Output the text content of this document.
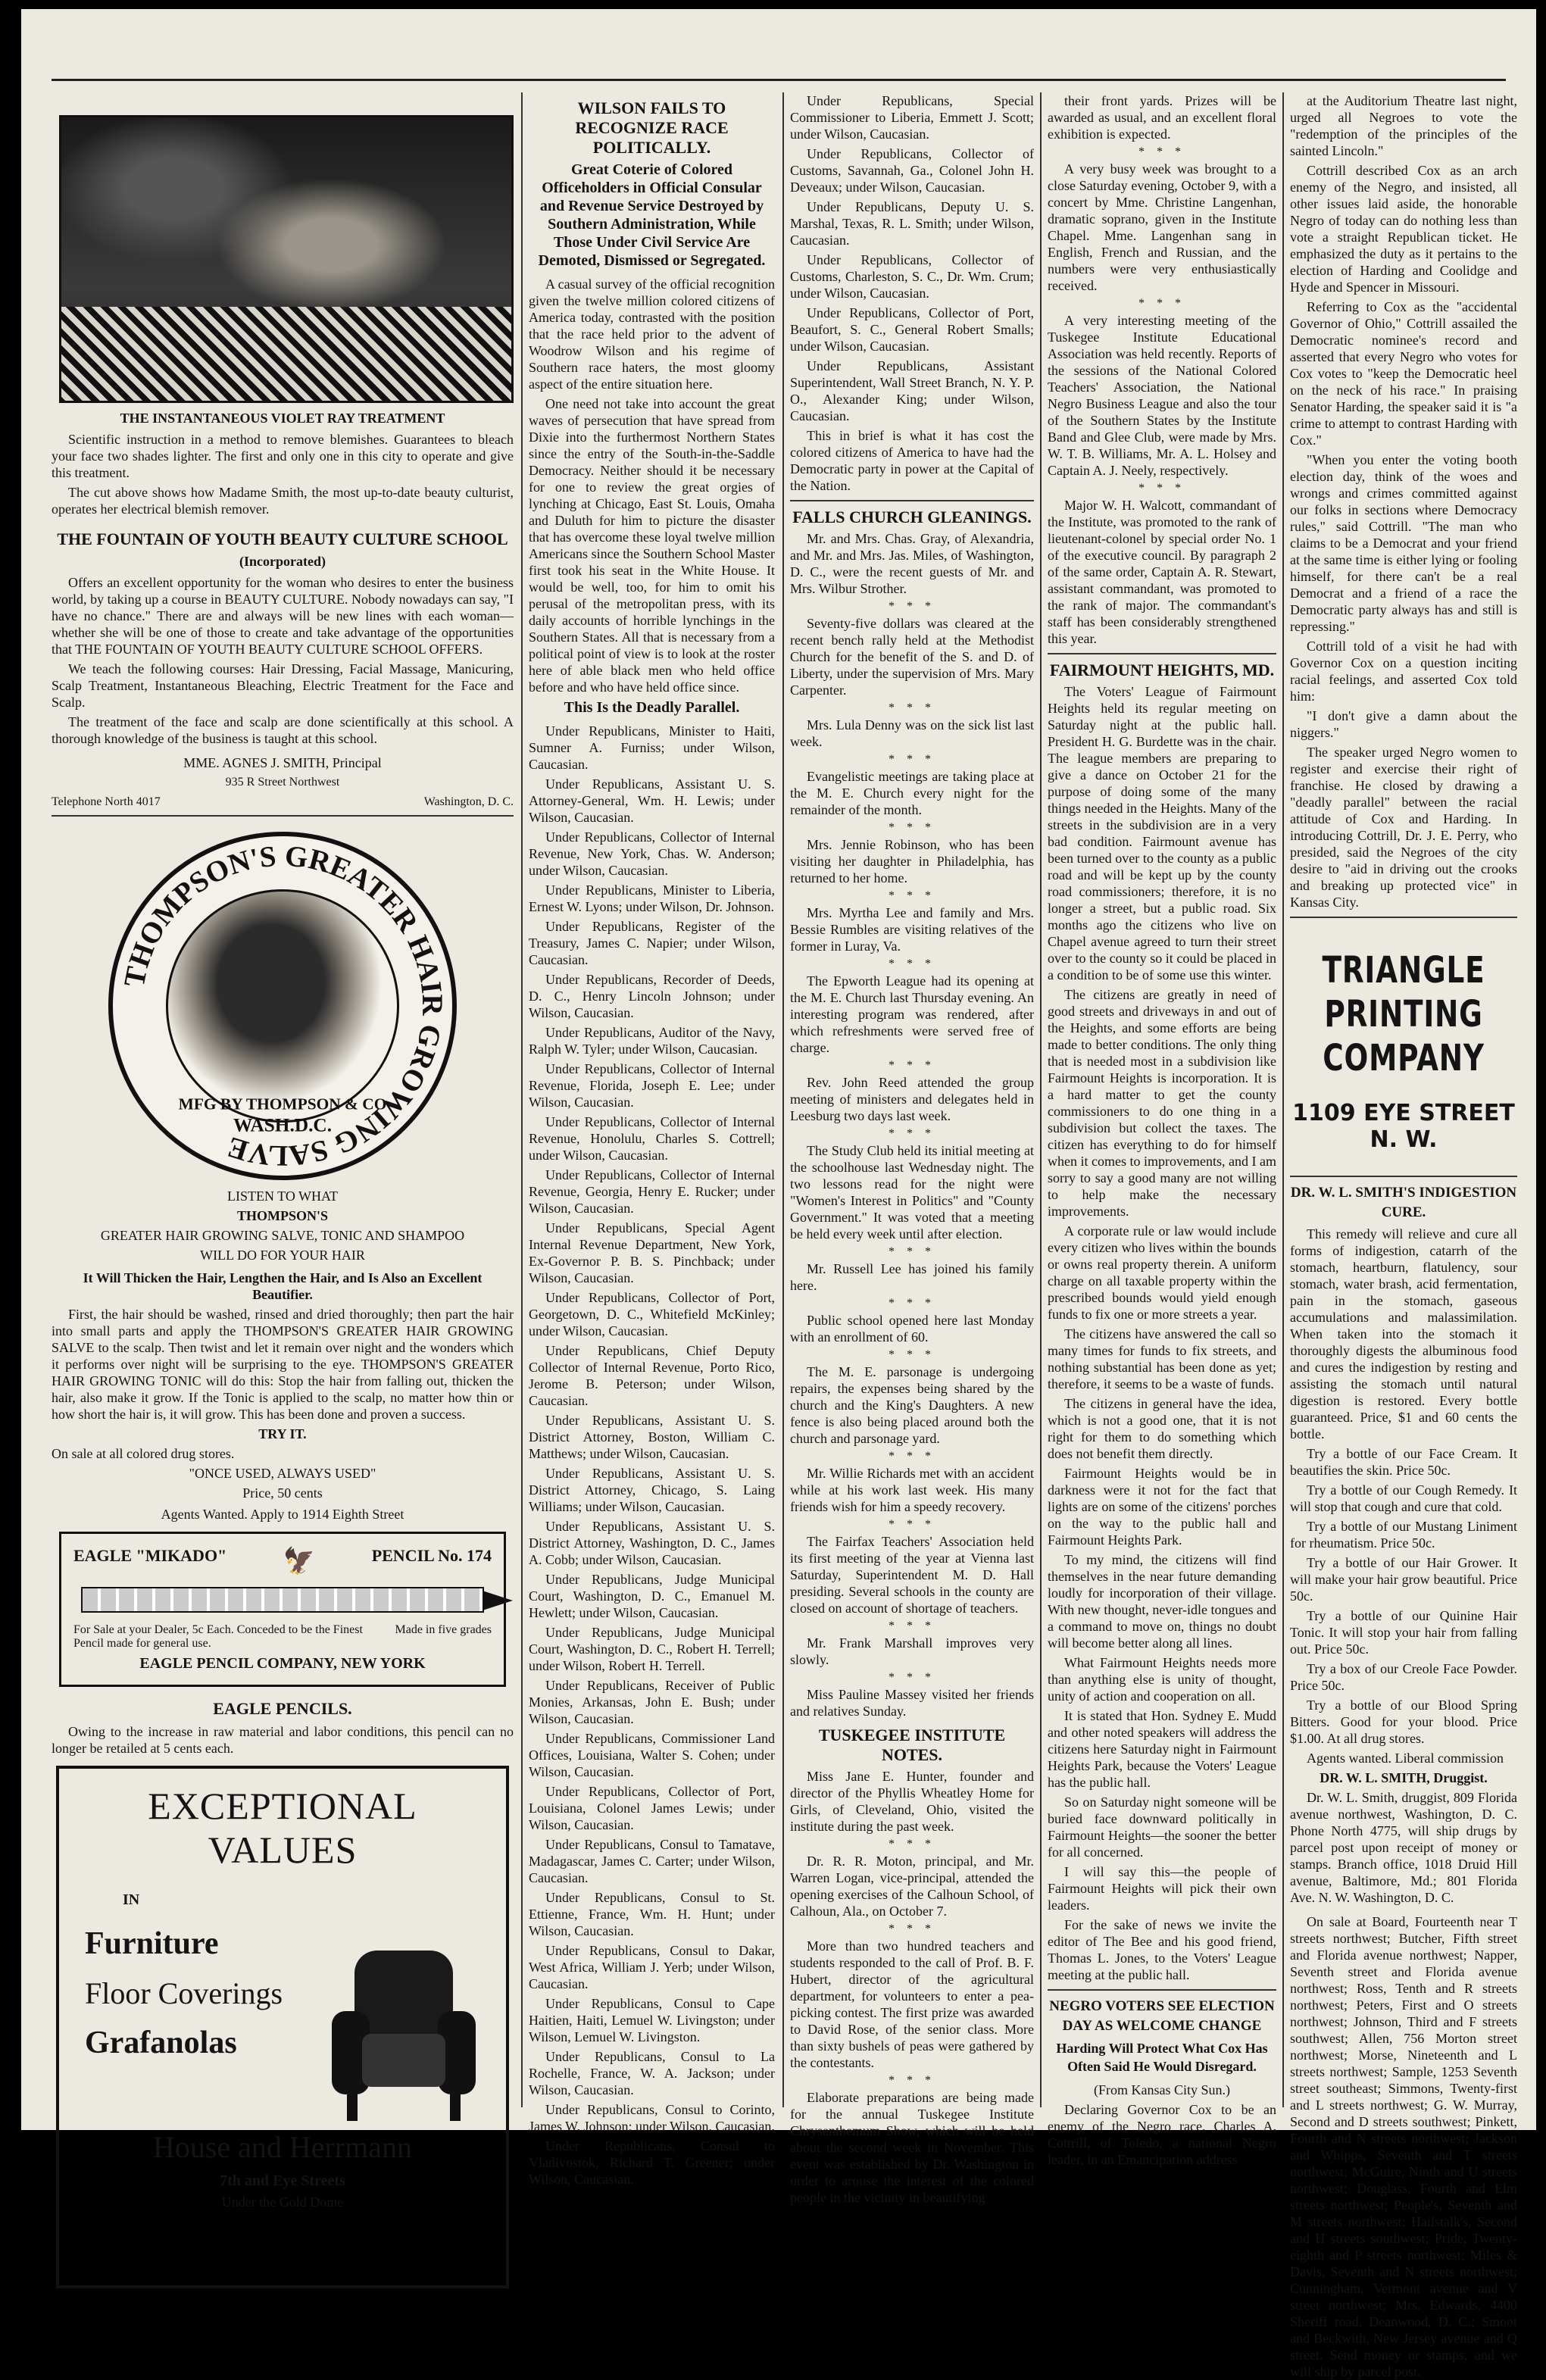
THE INSTANTANEOUS VIOLET RAY TREATMENT

Scientific instruction in a method to remove blemishes. Guarantees to bleach your face two shades lighter. The first and only one in this city to operate and give this treatment.

The cut above shows how Madame Smith, the most up-to-date beauty culturist, operates her electrical blemish remover.

THE FOUNTAIN OF YOUTH BEAUTY CULTURE SCHOOL
(Incorporated)

Offers an excellent opportunity for the woman who desires to enter the business world, by taking up a course in BEAUTY CULTURE. Nobody nowadays can say, "I have no chance." There are and always will be new lines with each woman—whether she will be one of those to create and take advantage of the opportunities that THE FOUNTAIN OF YOUTH BEAUTY CULTURE SCHOOL OFFERS.

We teach the following courses: Hair Dressing, Facial Massage, Manicuring, Scalp Treatment, Instantaneous Bleaching, Electric Treatment for the Face and Scalp.

The treatment of the face and scalp are done scientifically at this school. A thorough knowledge of the business is taught at this school.

MME. AGNES J. SMITH, Principal

935 R Street Northwest

Telephone North 4017	Washington, D. C.
THOMPSON'S GREATER HAIR GROWING SALVE
MFG BY THOMPSON & CO
WASH.D.C.

LISTEN TO WHAT

THOMPSON'S

GREATER HAIR GROWING SALVE, TONIC AND SHAMPOO

WILL DO FOR YOUR HAIR

It Will Thicken the Hair, Lengthen the Hair, and Is Also an Excellent Beautifier.

First, the hair should be washed, rinsed and dried thoroughly; then part the hair into small parts and apply the THOMPSON'S GREATER HAIR GROWING SALVE to the scalp. Then twist and let it remain over night and the wonders which it performs over night will be surprising to the eye. THOMPSON'S GREATER HAIR GROWING TONIC will do this: Stop the hair from falling out, thicken the hair, also make it grow. If the Tonic is applied to the scalp, no matter how thin or how short the hair is, it will grow. This has been done and proven a success.

TRY IT.

On sale at all colored drug stores.

"ONCE USED, ALWAYS USED"

Price, 50 cents

Agents Wanted. Apply to 1914 Eighth Street

EAGLE "MIKADO" 🦅	PENCIL No. 174
For Sale at your Dealer, 5c Each. Conceded to be the Finest Pencil made for general use.
Made in five grades
EAGLE PENCIL COMPANY, NEW YORK
EAGLE PENCILS.

Owing to the increase in raw material and labor conditions, this pencil can no longer be retailed at 5 cents each.

EXCEPTIONAL VALUES
IN
Furniture
Floor Coverings
Grafanolas
House and Herrmann
7th and Eye Streets
Under the Gold Dome
WILSON FAILS TO RECOGNIZE RACE POLITICALLY.
Great Coterie of Colored Officeholders in Official Consular and Revenue Service Destroyed by Southern Administration, While Those Under Civil Service Are Demoted, Dismissed or Segregated.

A casual survey of the official recognition given the twelve million colored citizens of America today, contrasted with the position that the race held prior to the advent of Woodrow Wilson and his regime of Southern race haters, the most gloomy aspect of the entire situation here.

One need not take into account the great waves of persecution that have spread from Dixie into the furthermost Northern States since the entry of the South-in-the-Saddle Democracy. Neither should it be necessary for one to review the great orgies of lynching at Chicago, East St. Louis, Omaha and Duluth for him to picture the disaster that has overcome these loyal twelve million Americans since the Southern School Master first took his seat in the White House. It would be well, too, for him to omit his perusal of the metropolitan press, with its daily accounts of horrible lynchings in the Southern States. All that is necessary from a political point of view is to look at the roster here of able black men who held office before and who have held office since.

This Is the Deadly Parallel.

Under Republicans, Minister to Haiti, Sumner A. Furniss; under Wilson, Caucasian.

Under Republicans, Assistant U. S. Attorney-General, Wm. H. Lewis; under Wilson, Caucasian.

Under Republicans, Collector of Internal Revenue, New York, Chas. W. Anderson; under Wilson, Caucasian.

Under Republicans, Minister to Liberia, Ernest W. Lyons; under Wilson, Dr. Johnson.

Under Republicans, Register of the Treasury, James C. Napier; under Wilson, Caucasian.

Under Republicans, Recorder of Deeds, D. C., Henry Lincoln Johnson; under Wilson, Caucasian.

Under Republicans, Auditor of the Navy, Ralph W. Tyler; under Wilson, Caucasian.

Under Republicans, Collector of Internal Revenue, Florida, Joseph E. Lee; under Wilson, Caucasian.

Under Republicans, Collector of Internal Revenue, Honolulu, Charles S. Cottrell; under Wilson, Caucasian.

Under Republicans, Collector of Internal Revenue, Georgia, Henry E. Rucker; under Wilson, Caucasian.

Under Republicans, Special Agent Internal Revenue Department, New York, Ex-Governor P. B. S. Pinchback; under Wilson, Caucasian.

Under Republicans, Collector of Port, Georgetown, D. C., Whitefield McKinley; under Wilson, Caucasian.

Under Republicans, Chief Deputy Collector of Internal Revenue, Porto Rico, Jerome B. Peterson; under Wilson, Caucasian.

Under Republicans, Assistant U. S. District Attorney, Boston, William C. Matthews; under Wilson, Caucasian.

Under Republicans, Assistant U. S. District Attorney, Chicago, S. Laing Williams; under Wilson, Caucasian.

Under Republicans, Assistant U. S. District Attorney, Washington, D. C., James A. Cobb; under Wilson, Caucasian.

Under Republicans, Judge Municipal Court, Washington, D. C., Emanuel M. Hewlett; under Wilson, Caucasian.

Under Republicans, Judge Municipal Court, Washington, D. C., Robert H. Terrell; under Wilson, Robert H. Terrell.

Under Republicans, Receiver of Public Monies, Arkansas, John E. Bush; under Wilson, Caucasian.

Under Republicans, Commissioner Land Offices, Louisiana, Walter S. Cohen; under Wilson, Caucasian.

Under Republicans, Collector of Port, Louisiana, Colonel James Lewis; under Wilson, Caucasian.

Under Republicans, Consul to Tamatave, Madagascar, James C. Carter; under Wilson, Caucasian.

Under Republicans, Consul to St. Ettienne, France, Wm. H. Hunt; under Wilson, Caucasian.

Under Republicans, Consul to Dakar, West Africa, William J. Yerb; under Wilson, Caucasian.

Under Republicans, Consul to Cape Haitien, Haiti, Lemuel W. Livingston; under Wilson, Lemuel W. Livingston.

Under Republicans, Consul to La Rochelle, France, W. A. Jackson; under Wilson, Caucasian.

Under Republicans, Consul to Corinto, James W. Johnson; under Wilson, Caucasian.

Under Republicans, Consul to Vladivostok, Richard T. Greener; under Wilson, Caucasian.

Under Republicans, Special Commissioner to Liberia, Emmett J. Scott; under Wilson, Caucasian.

Under Republicans, Collector of Customs, Savannah, Ga., Colonel John H. Deveaux; under Wilson, Caucasian.

Under Republicans, Deputy U. S. Marshal, Texas, R. L. Smith; under Wilson, Caucasian.

Under Republicans, Collector of Customs, Charleston, S. C., Dr. Wm. Crum; under Wilson, Caucasian.

Under Republicans, Collector of Port, Beaufort, S. C., General Robert Smalls; under Wilson, Caucasian.

Under Republicans, Assistant Superintendent, Wall Street Branch, N. Y. P. O., Alexander King; under Wilson, Caucasian.

This in brief is what it has cost the colored citizens of America to have had the Democratic party in power at the Capital of the Nation.

FALLS CHURCH GLEANINGS.

Mr. and Mrs. Chas. Gray, of Alexandria, and Mr. and Mrs. Jas. Miles, of Washington, D. C., were the recent guests of Mr. and Mrs. Wilbur Strother.

* * *

Seventy-five dollars was cleared at the recent bench rally held at the Methodist Church for the benefit of the S. and D. of Liberty, under the supervision of Mrs. Mary Carpenter.

* * *

Mrs. Lula Denny was on the sick list last week.

* * *

Evangelistic meetings are taking place at the M. E. Church every night for the remainder of the month.

* * *

Mrs. Jennie Robinson, who has been visiting her daughter in Philadelphia, has returned to her home.

* * *

Mrs. Myrtha Lee and family and Mrs. Bessie Rumbles are visiting relatives of the former in Luray, Va.

* * *

The Epworth League had its opening at the M. E. Church last Thursday evening. An interesting program was rendered, after which refreshments were served free of charge.

* * *

Rev. John Reed attended the group meeting of ministers and delegates held in Leesburg two days last week.

* * *

The Study Club held its initial meeting at the schoolhouse last Wednesday night. The two lessons read for the night were "Women's Interest in Politics" and "County Government." It was voted that a meeting be held every week until after election.

* * *

Mr. Russell Lee has joined his family here.

* * *

Public school opened here last Monday with an enrollment of 60.

* * *

The M. E. parsonage is undergoing repairs, the expenses being shared by the church and the King's Daughters. A new fence is also being placed around both the church and parsonage yard.

* * *

Mr. Willie Richards met with an accident while at his work last week. His many friends wish for him a speedy recovery.

* * *

The Fairfax Teachers' Association held its first meeting of the year at Vienna last Saturday, Superintendent M. D. Hall presiding. Several schools in the county are closed on account of shortage of teachers.

* * *

Mr. Frank Marshall improves very slowly.

* * *

Miss Pauline Massey visited her friends and relatives Sunday.

TUSKEGEE INSTITUTE NOTES.

Miss Jane E. Hunter, founder and director of the Phyllis Wheatley Home for Girls, of Cleveland, Ohio, visited the institute during the past week.

* * *

Dr. R. R. Moton, principal, and Mr. Warren Logan, vice-principal, attended the opening exercises of the Calhoun School, of Calhoun, Ala., on October 7.

* * *

More than two hundred teachers and students responded to the call of Prof. B. F. Hubert, director of the agricultural department, for volunteers to enter a pea-picking contest. The first prize was awarded to David Rose, of the senior class. More than sixty bushels of peas were gathered by the contestants.

* * *

Elaborate preparations are being made for the annual Tuskegee Institute Chrysanthemum Show, which will be held about the second week in November. This event was established by Dr. Washington in order to arouse the interest of the colored people in the vicinity in beautifying

their front yards. Prizes will be awarded as usual, and an excellent floral exhibition is expected.

* * *

A very busy week was brought to a close Saturday evening, October 9, with a concert by Mme. Christine Langenhan, dramatic soprano, given in the Institute Chapel. Mme. Langenhan sang in English, French and Russian, and the numbers were very enthusiastically received.

* * *

A very interesting meeting of the Tuskegee Institute Educational Association was held recently. Reports of the sessions of the National Colored Teachers' Association, the National Negro Business League and also the tour of the Southern States by the Institute Band and Glee Club, were made by Mrs. W. T. B. Williams, Mr. A. L. Holsey and Captain A. J. Neely, respectively.

* * *

Major W. H. Walcott, commandant of the Institute, was promoted to the rank of lieutenant-colonel by special order No. 1 of the executive council. By paragraph 2 of the same order, Captain A. R. Stewart, assistant commandant, was promoted to the rank of major. The commandant's staff has been considerably strengthened this year.

FAIRMOUNT HEIGHTS, MD.

The Voters' League of Fairmount Heights held its regular meeting on Saturday night at the public hall. President H. G. Burdette was in the chair. The league members are preparing to give a dance on October 21 for the purpose of doing some of the many things needed in the Heights. Many of the streets in the subdivision are in a very bad condition. Fairmount avenue has been turned over to the county as a public road and will be kept up by the county road commissioners; therefore, it is no longer a street, but a public road. Six months ago the citizens who live on Chapel avenue agreed to turn their street over to the county so it could be placed in a condition to be of some use this winter.

The citizens are greatly in need of good streets and driveways in and out of the Heights, and some efforts are being made to better conditions. The only thing that is needed most in a subdivision like Fairmount Heights is incorporation. It is a hard matter to get the county commissioners to do one thing in a subdivision but collect the taxes. The citizen has everything to do for himself when it comes to improvements, and I am sorry to say a good many are not willing to help make the necessary improvements.

A corporate rule or law would include every citizen who lives within the bounds or owns real property therein. A uniform charge on all taxable property within the prescribed bounds would yield enough funds to fix one or more streets a year.

The citizens have answered the call so many times for funds to fix streets, and nothing substantial has been done as yet; therefore, it seems to be a waste of funds.

The citizens in general have the idea, which is not a good one, that it is not right for them to do something which does not benefit them directly.

Fairmount Heights would be in darkness were it not for the fact that lights are on some of the citizens' porches on the way to the public hall and Fairmount Heights Park.

To my mind, the citizens will find themselves in the near future demanding loudly for incorporation of their village. With new thought, never-idle tongues and a command to move on, things no doubt will become better along all lines.

What Fairmount Heights needs more than anything else is unity of thought, unity of action and cooperation on all.

It is stated that Hon. Sydney E. Mudd and other noted speakers will address the citizens here Saturday night in Fairmount Heights Park, because the Voters' League has the public hall.

So on Saturday night someone will be buried face downward politically in Fairmount Heights—the sooner the better for all concerned.

I will say this—the people of Fairmount Heights will pick their own leaders.

For the sake of news we invite the editor of The Bee and his good friend, Thomas L. Jones, to the Voters' League meeting at the public hall.

NEGRO VOTERS SEE ELECTION DAY AS WELCOME CHANGE
Harding Will Protect What Cox Has Often Said He Would Disregard.

(From Kansas City Sun.)

Declaring Governor Cox to be an enemy of the Negro race, Charles A. Cottrill, of Toledo, a national Negro leader, in an Emancipation address

at the Auditorium Theatre last night, urged all Negroes to vote the "redemption of the principles of the sainted Lincoln."

Cottrill described Cox as an arch enemy of the Negro, and insisted, all other issues laid aside, the honorable Negro of today can do nothing less than vote a straight Republican ticket. He emphasized the duty as it pertains to the election of Harding and Coolidge and Hyde and Spencer in Missouri.

Referring to Cox as the "accidental Governor of Ohio," Cottrill assailed the Democratic nominee's record and asserted that every Negro who votes for Cox votes to "keep the Democratic heel on the neck of his race." In praising Senator Harding, the speaker said it is "a crime to attempt to contrast Harding with Cox."

"When you enter the voting booth election day, think of the woes and wrongs and crimes committed against our folks in sections where Democracy rules," said Cottrill. "The man who claims to be a Democrat and your friend at the same time is either lying or fooling himself, for there can't be a real Democrat and a friend of a race the Democratic party always has and still is repressing."

Cottrill told of a visit he had with Governor Cox on a question inciting racial feelings, and asserted Cox told him:

"I don't give a damn about the niggers."

The speaker urged Negro women to register and exercise their right of franchise. He closed by drawing a "deadly parallel" between the racial attitude of Cox and Harding. In introducing Cottrill, Dr. J. E. Perry, who presided, said the Negroes of the city desire to "aid in driving out the crooks and breaking up protected vice" in Kansas City.

TRIANGLE PRINTING
COMPANY
1109 EYE STREET N. W.
DR. W. L. SMITH'S INDIGESTION CURE.

This remedy will relieve and cure all forms of indigestion, catarrh of the stomach, heartburn, flatulency, sour stomach, water brash, acid fermentation, pain in the stomach, gaseous accumulations and malassimilation. When taken into the stomach it thoroughly digests the albuminous food and cures the indigestion by resting and assisting the stomach until natural digestion is restored. Every bottle guaranteed. Price, $1 and 60 cents the bottle.

Try a bottle of our Face Cream. It beautifies the skin. Price 50c.

Try a bottle of our Cough Remedy. It will stop that cough and cure that cold.

Try a bottle of our Mustang Liniment for rheumatism. Price 50c.

Try a bottle of our Hair Grower. It will make your hair grow beautiful. Price 50c.

Try a bottle of our Quinine Hair Tonic. It will stop your hair from falling out. Price 50c.

Try a box of our Creole Face Powder. Price 50c.

Try a bottle of our Blood Spring Bitters. Good for your blood. Price $1.00. At all drug stores.

Agents wanted. Liberal commission

DR. W. L. SMITH, Druggist.

Dr. W. L. Smith, druggist, 809 Florida avenue northwest, Washington, D. C. Phone North 4775, will ship drugs by parcel post upon receipt of money or stamps. Branch office, 1018 Druid Hill avenue, Baltimore, Md.; 801 Florida Ave. N. W. Washington, D. C.

On sale at Board, Fourteenth near T streets northwest; Butcher, Fifth street and Florida avenue northwest; Napper, Seventh street and Florida avenue northwest; Ross, Tenth and R streets northwest; Peters, First and O streets northwest; Johnson, Third and F streets southwest; Allen, 756 Morton street northwest; Morse, Nineteenth and L streets northwest; Sample, 1253 Seventh street southeast; Simmons, Twenty-first and L streets northwest; G. W. Murray, Second and D streets southwest; Pinkett, Fourth and N streets northwest; Jackson and Whipps, Seventh and T streets northwest; McGuire, Ninth and U streets northwest; Douglass, Fourth and Elm streets northwest; People's, Seventh and M streets northwest; Hailstalk's, Second and H streets southwest; Pride, Twenty-eighth and P streets northwest; Miles & Davis, Seventh and N streets northwest; Cunningham, Vermont avenue and V street northwest; Mrs. Edwards, 4400 Sheriff road, Deanwood, D. C.; Smoot and Beckwith, New Jersey avenue and Q street. Send money or stamps, and we will ship by parcel post.
